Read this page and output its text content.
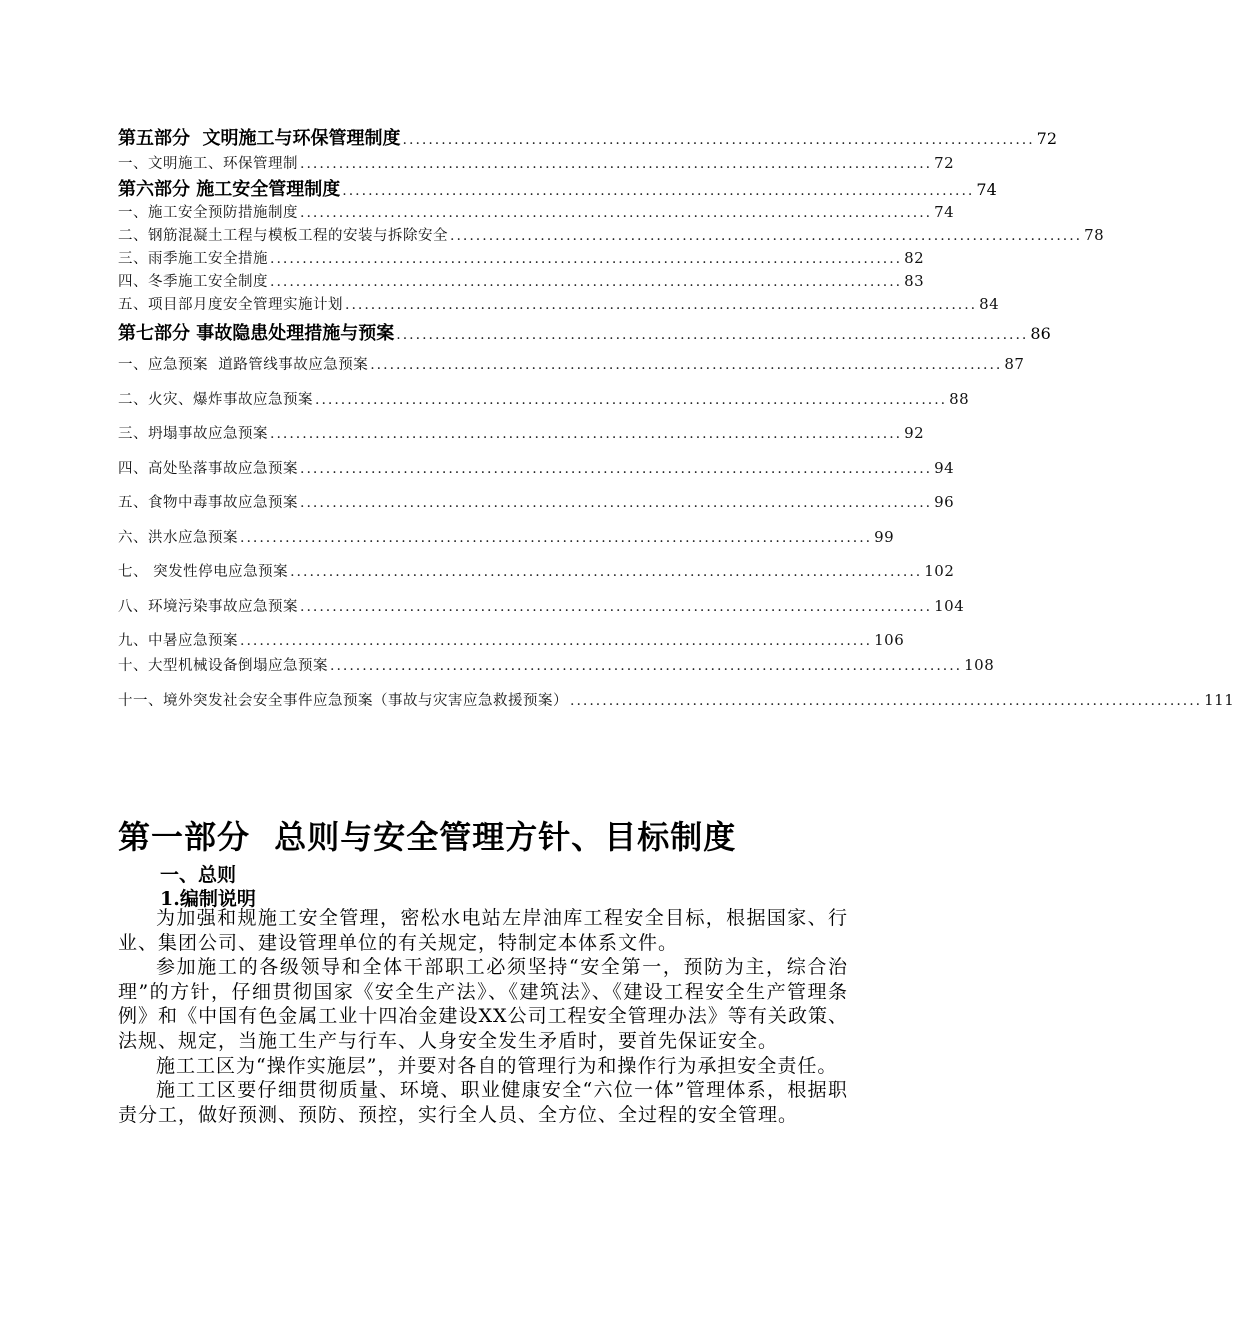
第五部分  文明施工与环保管理制度 .................................................................................................. 72
一、文明施工、环保管理制 .................................................................................................. 72
第六部分 施工安全管理制度 .................................................................................................. 74
一、施工安全预防措施制度 .................................................................................................. 74
二、钢筋混凝土工程与模板工程的安装与拆除安全 .................................................................................................. 78
三、雨季施工安全措施 .................................................................................................. 82
四、冬季施工安全制度 .................................................................................................. 83
五、项目部月度安全管理实施计划 .................................................................................................. 84
第七部分 事故隐患处理措施与预案 .................................................................................................. 86
一、应急预案  道路管线事故应急预案 .................................................................................................. 87
二、火灾、爆炸事故应急预案 .................................................................................................. 88
三、坍塌事故应急预案 .................................................................................................. 92
四、高处坠落事故应急预案 .................................................................................................. 94
五、食物中毒事故应急预案 .................................................................................................. 96
六、洪水应急预案 .................................................................................................. 99
七、 突发性停电应急预案 .................................................................................................. 102
八、环境污染事故应急预案 .................................................................................................. 104
九、中暑应急预案 .................................................................................................. 106
十、大型机械设备倒塌应急预案 .................................................................................................. 108
十一、境外突发社会安全事件应急预案（事故与灾害应急救援预案） .................................................................................................. 111
第一部分  总则与安全管理方针、目标制度
一、总则
1.编制说明

为加强和规施工安全管理，密松水电站左岸油库工程安全目标，根据国家、行业、集团公司、建设管理单位的有关规定，特制定本体系文件。

参加施工的各级领导和全体干部职工必须坚持“安全第一，预防为主，综合治理”的方针，仔细贯彻国家《安全生产法》、《建筑法》、《建设工程安全生产管理条例》和《中国有色金属工业十四冶金建设XX公司工程安全管理办法》等有关政策、法规、规定，当施工生产与行车、人身安全发生矛盾时，要首先保证安全。

施工工区为“操作实施层”，并要对各自的管理行为和操作行为承担安全责任。

施工工区要仔细贯彻质量、环境、职业健康安全“六位一体”管理体系，根据职责分工，做好预测、预防、预控，实行全人员、全方位、全过程的安全管理。
